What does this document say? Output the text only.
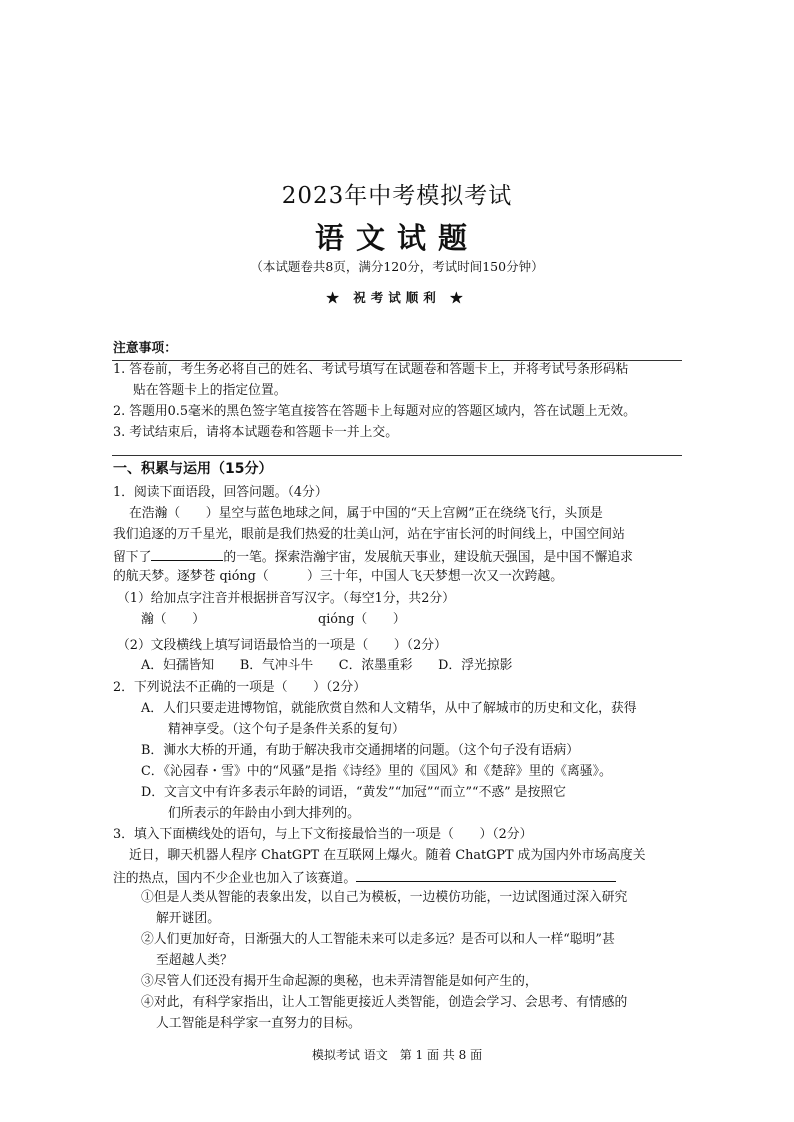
2023年中考模拟考试
语文试题
（本试题卷共8页，满分120分，考试时间150分钟）
★ 祝考试顺利 ★
注意事项：
1. 答卷前，考生务必将自己的姓名、考试号填写在试题卷和答题卡上，并将考试号条形码粘
贴在答题卡上的指定位置。
2. 答题用0.5毫米的黑色签字笔直接答在答题卡上每题对应的答题区域内，答在试题上无效。
3. 考试结束后，请将本试题卷和答题卡一并上交。
一、积累与运用（15分）
1．阅读下面语段，回答问题。（4分）
在浩瀚（　　）星空与蓝色地球之间，属于中国的“天上宫阙”正在绕绕飞行，头顶是
我们追逐的万千星光，眼前是我们热爱的壮美山河，站在宇宙长河的时间线上，中国空间站
留下了	的一笔。探索浩瀚宇宙，发展航天事业，建设航天强国，是中国不懈追求
的航天梦。逐梦苍 qióng（　　　）三十年，中国人飞天梦想一次又一次跨越。
（1）给加点字注音并根据拼音写汉字。（每空1分，共2分）
瀚（　　）	qióng（　　）
（2）文段横线上填写词语最恰当的一项是（　　）（2分）
A．妇孺皆知　　B．气冲斗牛　　C．浓墨重彩　　D．浮光掠影
2．下列说法不正确的一项是（　　）（2分）
A．人们只要走进博物馆，就能欣赏自然和人文精华，从中了解城市的历史和文化，获得
精神享受。（这个句子是条件关系的复句）
B．浉水大桥的开通，有助于解决我市交通拥堵的问题。（这个句子没有语病）
C．《沁园春・雪》中的“风骚”是指《诗经》里的《国风》和《楚辞》里的《离骚》。
D．文言文中有许多表示年龄的词语，“黄发”“加冠”“而立”“不惑” 是按照它
们所表示的年龄由小到大排列的。
3．填入下面横线处的语句，与上下文衔接最恰当的一项是（　　）（2分）
近日，聊天机器人程序 ChatGPT 在互联网上爆火。随着 ChatGPT 成为国内外市场高度关
注的热点，国内不少企业也加入了该赛道。
①但是人类从智能的表象出发，以自己为模板，一边模仿功能，一边试图通过深入研究
解开谜团。
②人们更加好奇，日渐强大的人工智能未来可以走多远？是否可以和人一样“聪明”甚
至超越人类？
③尽管人们还没有揭开生命起源的奥秘，也未弄清智能是如何产生的，
④对此，有科学家指出，让人工智能更接近人类智能，创造会学习、会思考、有情感的
人工智能是科学家一直努力的目标。
模拟考试 语文　第 1 面 共 8 面
